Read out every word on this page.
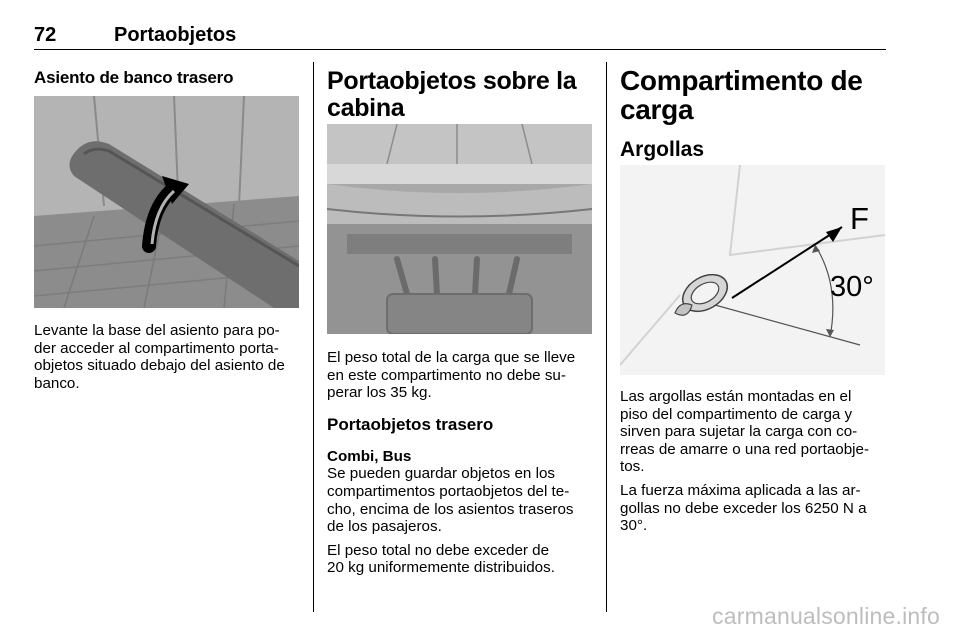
72	Portaobjetos
Asiento de banco trasero

Levante la base del asiento para po-
der acceder al compartimento porta-
objetos situado debajo del asiento de
banco.

Portaobjetos sobre la
cabina

El peso total de la carga que se lleve
en este compartimento no debe su-
perar los 35 kg.

Portaobjetos trasero

Combi, Bus

Se pueden guardar objetos en los
compartimentos portaobjetos del te-
cho, encima de los asientos traseros
de los pasajeros.

El peso total no debe exceder de
20 kg uniformemente distribuidos.

Compartimento de
carga
Argollas
F
30°

Las argollas están montadas en el
piso del compartimento de carga y
sirven para sujetar la carga con co-
rreas de amarre o una red portaobje-
tos.

La fuerza máxima aplicada a las ar-
gollas no debe exceder los 6250 N a
30°.

carmanualsonline.info
